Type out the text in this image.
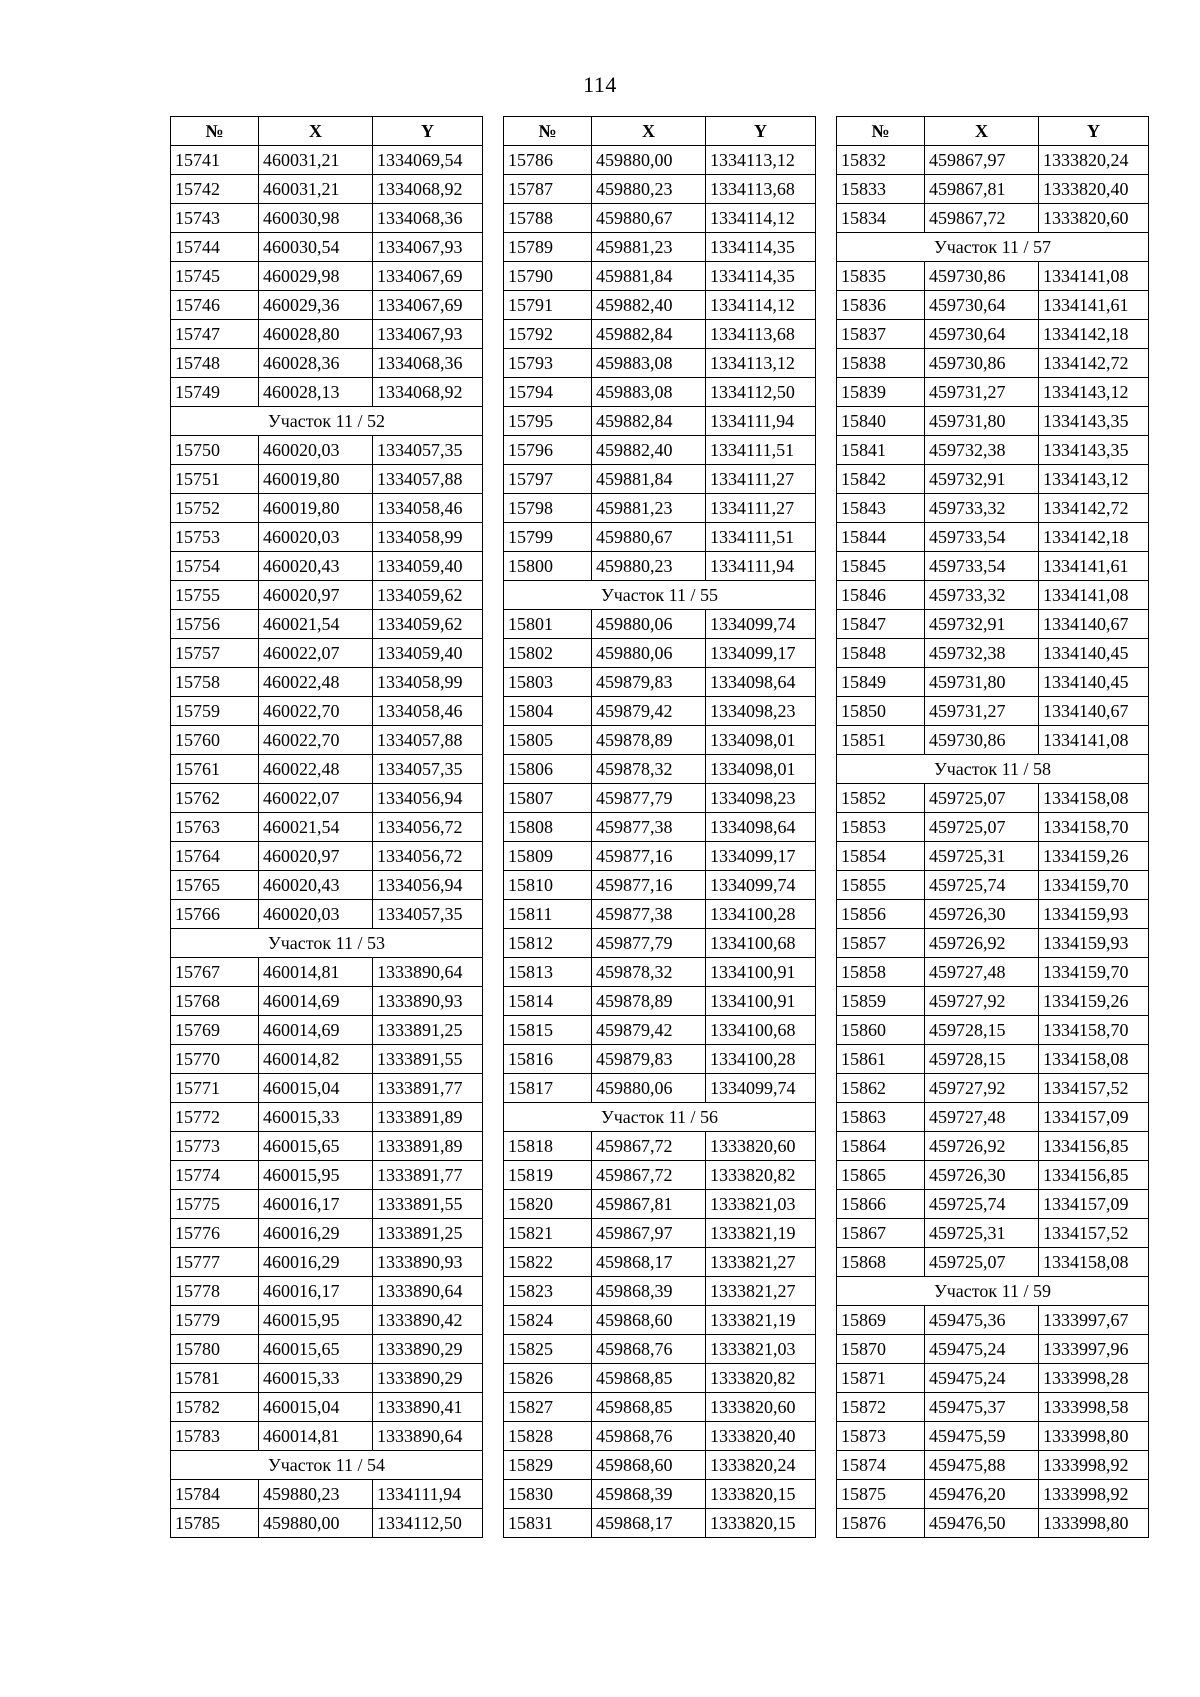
114
№	X	Y
15741	460031,21	1334069,54
15742	460031,21	1334068,92
15743	460030,98	1334068,36
15744	460030,54	1334067,93
15745	460029,98	1334067,69
15746	460029,36	1334067,69
15747	460028,80	1334067,93
15748	460028,36	1334068,36
15749	460028,13	1334068,92
Участок 11 / 52		
15750	460020,03	1334057,35
15751	460019,80	1334057,88
15752	460019,80	1334058,46
15753	460020,03	1334058,99
15754	460020,43	1334059,40
15755	460020,97	1334059,62
15756	460021,54	1334059,62
15757	460022,07	1334059,40
15758	460022,48	1334058,99
15759	460022,70	1334058,46
15760	460022,70	1334057,88
15761	460022,48	1334057,35
15762	460022,07	1334056,94
15763	460021,54	1334056,72
15764	460020,97	1334056,72
15765	460020,43	1334056,94
15766	460020,03	1334057,35
Участок 11 / 53		
15767	460014,81	1333890,64
15768	460014,69	1333890,93
15769	460014,69	1333891,25
15770	460014,82	1333891,55
15771	460015,04	1333891,77
15772	460015,33	1333891,89
15773	460015,65	1333891,89
15774	460015,95	1333891,77
15775	460016,17	1333891,55
15776	460016,29	1333891,25
15777	460016,29	1333890,93
15778	460016,17	1333890,64
15779	460015,95	1333890,42
15780	460015,65	1333890,29
15781	460015,33	1333890,29
15782	460015,04	1333890,41
15783	460014,81	1333890,64
Участок 11 / 54		
15784	459880,23	1334111,94
15785	459880,00	1334112,50
№	X	Y
15786	459880,00	1334113,12
15787	459880,23	1334113,68
15788	459880,67	1334114,12
15789	459881,23	1334114,35
15790	459881,84	1334114,35
15791	459882,40	1334114,12
15792	459882,84	1334113,68
15793	459883,08	1334113,12
15794	459883,08	1334112,50
15795	459882,84	1334111,94
15796	459882,40	1334111,51
15797	459881,84	1334111,27
15798	459881,23	1334111,27
15799	459880,67	1334111,51
15800	459880,23	1334111,94
Участок 11 / 55		
15801	459880,06	1334099,74
15802	459880,06	1334099,17
15803	459879,83	1334098,64
15804	459879,42	1334098,23
15805	459878,89	1334098,01
15806	459878,32	1334098,01
15807	459877,79	1334098,23
15808	459877,38	1334098,64
15809	459877,16	1334099,17
15810	459877,16	1334099,74
15811	459877,38	1334100,28
15812	459877,79	1334100,68
15813	459878,32	1334100,91
15814	459878,89	1334100,91
15815	459879,42	1334100,68
15816	459879,83	1334100,28
15817	459880,06	1334099,74
Участок 11 / 56		
15818	459867,72	1333820,60
15819	459867,72	1333820,82
15820	459867,81	1333821,03
15821	459867,97	1333821,19
15822	459868,17	1333821,27
15823	459868,39	1333821,27
15824	459868,60	1333821,19
15825	459868,76	1333821,03
15826	459868,85	1333820,82
15827	459868,85	1333820,60
15828	459868,76	1333820,40
15829	459868,60	1333820,24
15830	459868,39	1333820,15
15831	459868,17	1333820,15
№	X	Y
15832	459867,97	1333820,24
15833	459867,81	1333820,40
15834	459867,72	1333820,60
Участок 11 / 57		
15835	459730,86	1334141,08
15836	459730,64	1334141,61
15837	459730,64	1334142,18
15838	459730,86	1334142,72
15839	459731,27	1334143,12
15840	459731,80	1334143,35
15841	459732,38	1334143,35
15842	459732,91	1334143,12
15843	459733,32	1334142,72
15844	459733,54	1334142,18
15845	459733,54	1334141,61
15846	459733,32	1334141,08
15847	459732,91	1334140,67
15848	459732,38	1334140,45
15849	459731,80	1334140,45
15850	459731,27	1334140,67
15851	459730,86	1334141,08
Участок 11 / 58		
15852	459725,07	1334158,08
15853	459725,07	1334158,70
15854	459725,31	1334159,26
15855	459725,74	1334159,70
15856	459726,30	1334159,93
15857	459726,92	1334159,93
15858	459727,48	1334159,70
15859	459727,92	1334159,26
15860	459728,15	1334158,70
15861	459728,15	1334158,08
15862	459727,92	1334157,52
15863	459727,48	1334157,09
15864	459726,92	1334156,85
15865	459726,30	1334156,85
15866	459725,74	1334157,09
15867	459725,31	1334157,52
15868	459725,07	1334158,08
Участок 11 / 59		
15869	459475,36	1333997,67
15870	459475,24	1333997,96
15871	459475,24	1333998,28
15872	459475,37	1333998,58
15873	459475,59	1333998,80
15874	459475,88	1333998,92
15875	459476,20	1333998,92
15876	459476,50	1333998,80
